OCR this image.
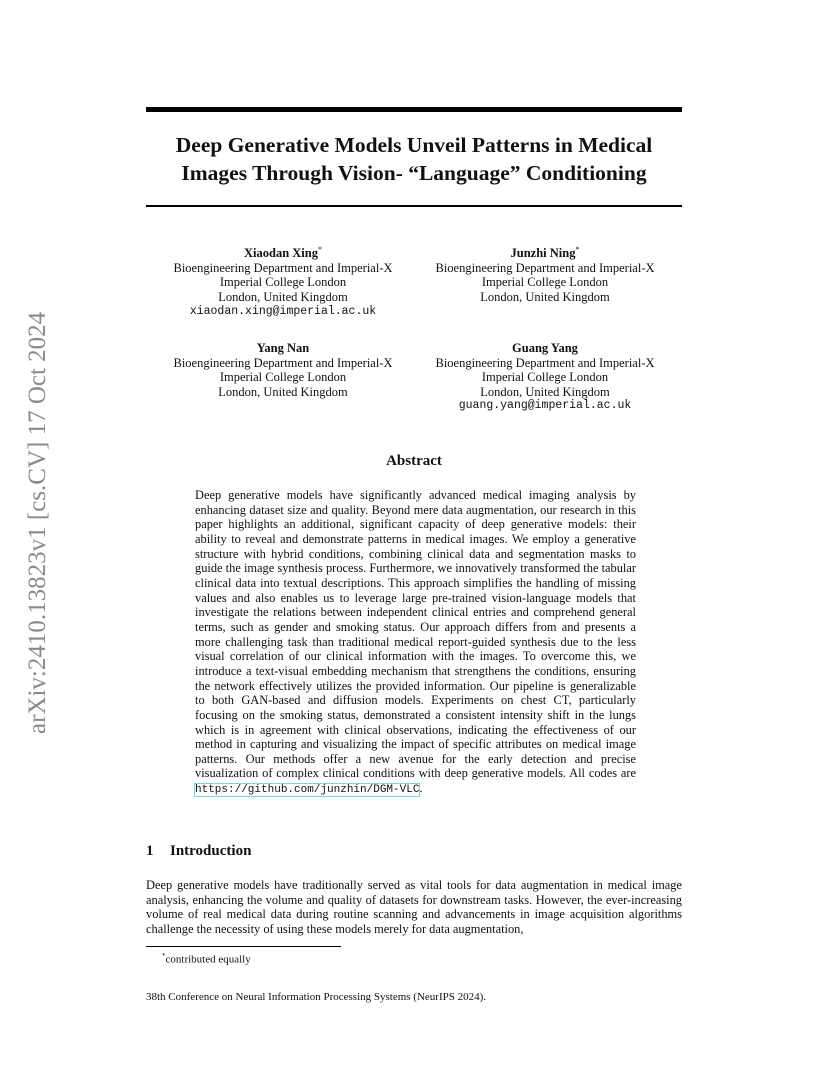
arXiv:2410.13823v1 [cs.CV] 17 Oct 2024
Deep Generative Models Unveil Patterns in Medical Images Through Vision- “Language” Conditioning
Xiaodan Xing*
Bioengineering Department and Imperial-X
Imperial College London
London, United Kingdom
xiaodan.xing@imperial.ac.uk
Junzhi Ning*
Bioengineering Department and Imperial-X
Imperial College London
London, United Kingdom
Yang Nan
Bioengineering Department and Imperial-X
Imperial College London
London, United Kingdom
Guang Yang
Bioengineering Department and Imperial-X
Imperial College London
London, United Kingdom
guang.yang@imperial.ac.uk
Abstract

Deep generative models have significantly advanced medical imaging analysis by enhancing dataset size and quality. Beyond mere data augmentation, our research in this paper highlights an additional, significant capacity of deep generative models: their ability to reveal and demonstrate patterns in medical images. We employ a generative structure with hybrid conditions, combining clinical data and segmentation masks to guide the image synthesis process. Furthermore, we innovatively transformed the tabular clinical data into textual descriptions. This approach simplifies the handling of missing values and also enables us to leverage large pre-trained vision-language models that investigate the relations between independent clinical entries and comprehend general terms, such as gender and smoking status. Our approach differs from and presents a more challenging task than traditional medical report-guided synthesis due to the less visual correlation of our clinical information with the images. To overcome this, we introduce a text-visual embedding mechanism that strengthens the conditions, ensuring the network effectively utilizes the provided information. Our pipeline is generalizable to both GAN-based and diffusion models. Experiments on chest CT, particularly focusing on the smoking status, demonstrated a consistent intensity shift in the lungs which is in agreement with clinical observations, indicating the effectiveness of our method in capturing and visualizing the impact of specific attributes on medical image patterns. Our methods offer a new avenue for the early detection and precise visualization of complex clinical conditions with deep generative models. All codes are https://github.com/junzhin/DGM-VLC.

1 Introduction

Deep generative models have traditionally served as vital tools for data augmentation in medical image analysis, enhancing the volume and quality of datasets for downstream tasks. However, the ever-increasing volume of real medical data during routine scanning and advancements in image acquisition algorithms challenge the necessity of using these models merely for data augmentation,

*contributed equally
38th Conference on Neural Information Processing Systems (NeurIPS 2024).
